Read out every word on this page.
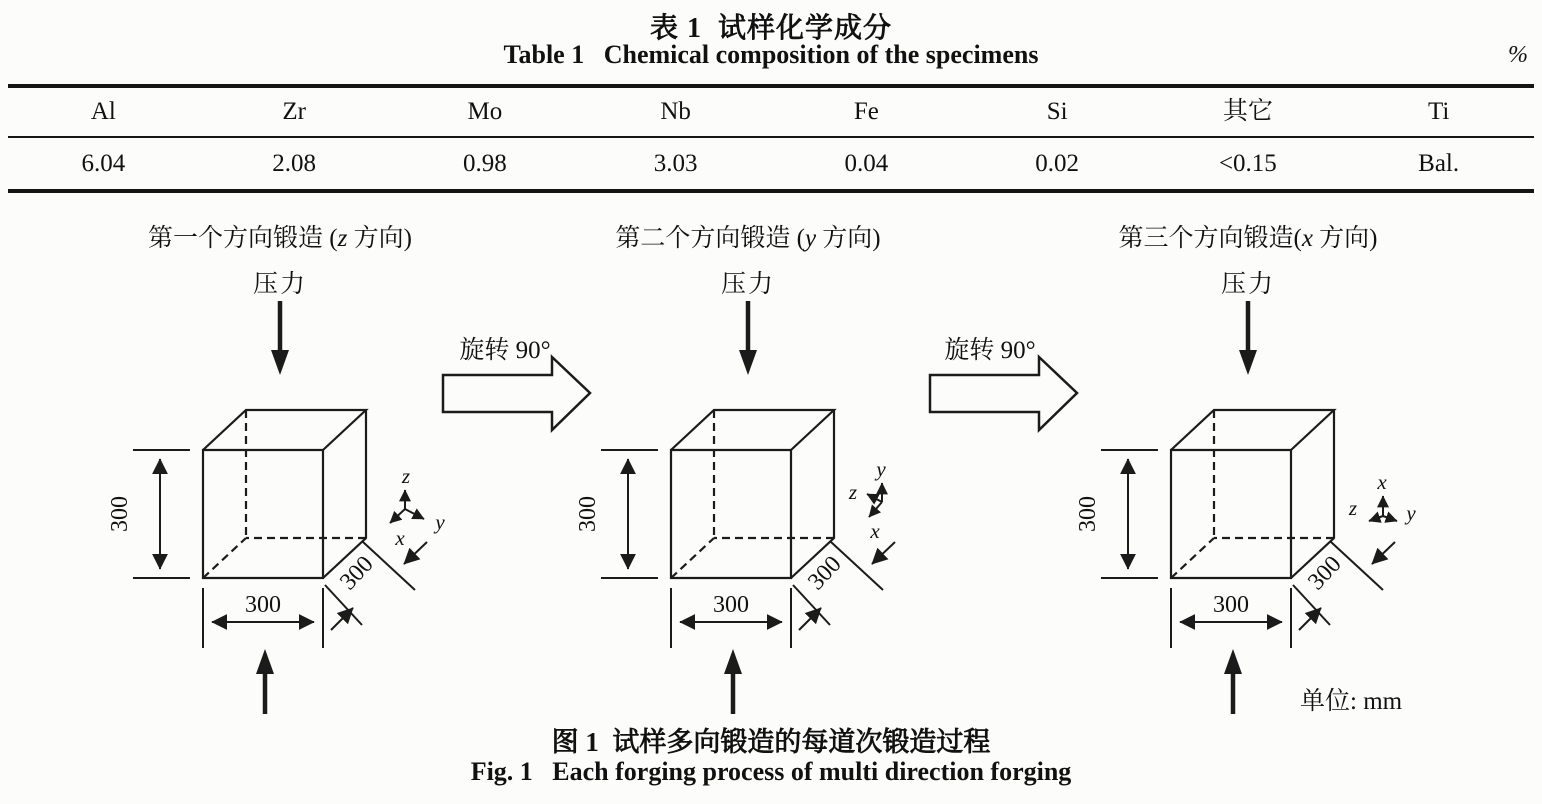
表 1  试样化学成分
Table 1   Chemical composition of the specimens	%
Al	Zr	Mo	Nb	Fe	Si	其它	Ti
6.04	2.08	0.98	3.03	0.04	0.02	<0.15	Bal.
第一个方向锻造 (z 方向)
压力
300
300
300
z
y
x
旋转 90°
第二个方向锻造 (y 方向)
压力
300
300
300
y
z
x
旋转 90°
第三个方向锻造(x 方向)
压力
300
300
300
x
z y
单位: mm
图 1  试样多向锻造的每道次锻造过程
Fig. 1   Each forging process of multi direction forging
